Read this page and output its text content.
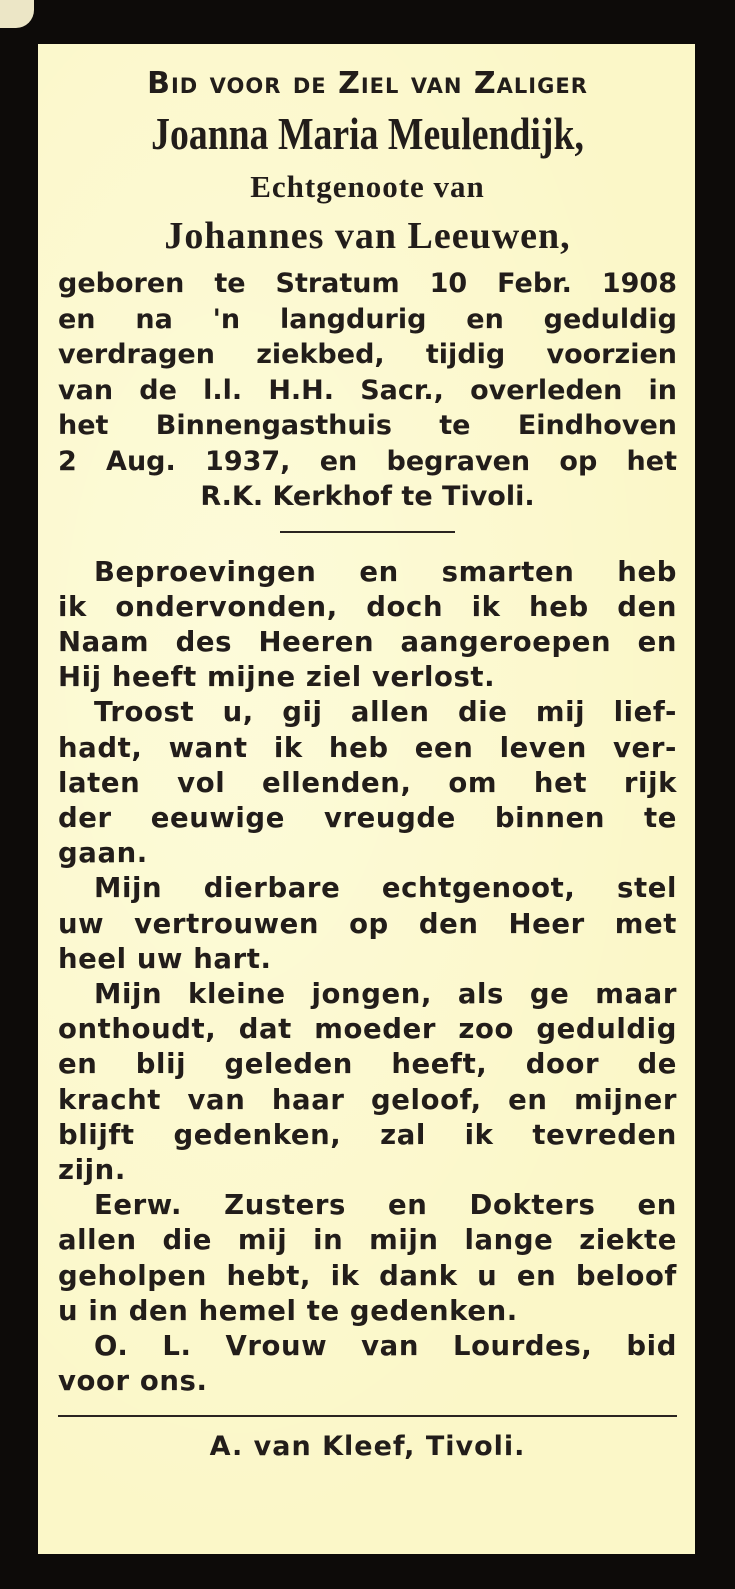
Bid voor de Ziel van Zaliger

Joanna Maria Meulendijk,

Echtgenoote van

Johannes van Leeuwen,

geboren te Stratum 10 Febr. 1908

en na 'n langdurig en geduldig

verdragen ziekbed, tijdig voorzien

van de l.l. H.H. Sacr., overleden in

het Binnengasthuis te Eindhoven

2 Aug. 1937, en begraven op het

R.K. Kerkhof te Tivoli.

Beproevingen en smarten heb
ik ondervonden, doch ik heb den
Naam des Heeren aangeroepen en
Hij heeft mijne ziel verlost.
Troost u, gij allen die mij lief-
hadt, want ik heb een leven ver-
laten vol ellenden, om het rijk
der eeuwige vreugde binnen te
gaan.
Mijn dierbare echtgenoot, stel
uw vertrouwen op den Heer met
heel uw hart.
Mijn kleine jongen, als ge maar
onthoudt, dat moeder zoo geduldig
en blij geleden heeft, door de
kracht van haar geloof, en mijner
blijft gedenken, zal ik tevreden
zijn.
Eerw. Zusters en Dokters en
allen die mij in mijn lange ziekte
geholpen hebt, ik dank u en beloof
u in den hemel te gedenken.
O. L. Vrouw van Lourdes, bid
voor ons.

A. van Kleef, Tivoli.
